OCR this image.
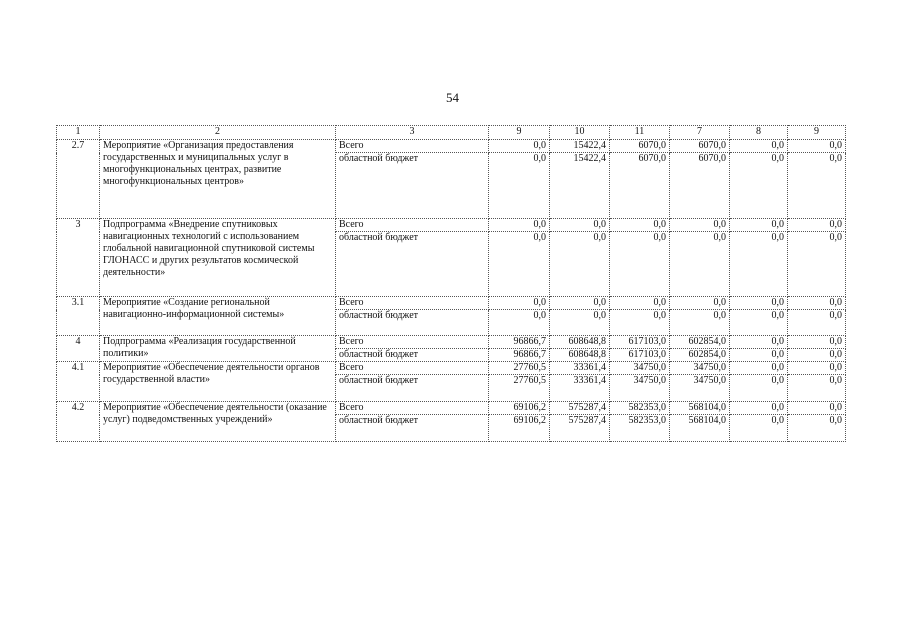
54
1	2	3	9	10	11	7	8	9
2.7	Мероприятие «Организация предоставления государственных и муниципальных услуг в многофункциональных центрах, развитие многофункциональных центров»	Всего	0,0	15422,4	6070,0	6070,0	0,0	0,0
		областной бюджет	0,0	15422,4	6070,0	6070,0	0,0	0,0
3	Подпрограмма «Внедрение спутниковых навигационных технологий с использованием глобальной навигационной спутниковой системы ГЛОНАСС и других результатов космической деятельности»	Всего	0,0	0,0	0,0	0,0	0,0	0,0
		областной бюджет	0,0	0,0	0,0	0,0	0,0	0,0
3.1	Мероприятие «Создание региональной навигационно-информационной системы»	Всего	0,0	0,0	0,0	0,0	0,0	0,0
		областной бюджет	0,0	0,0	0,0	0,0	0,0	0,0
4	Подпрограмма «Реализация государственной политики»	Всего	96866,7	608648,8	617103,0	602854,0	0,0	0,0
		областной бюджет	96866,7	608648,8	617103,0	602854,0	0,0	0,0
4.1	Мероприятие «Обеспечение деятельности органов государственной власти»	Всего	27760,5	33361,4	34750,0	34750,0	0,0	0,0
		областной бюджет	27760,5	33361,4	34750,0	34750,0	0,0	0,0
4.2	Мероприятие «Обеспечение деятельности (оказание услуг) подведомственных учреждений»	Всего	69106,2	575287,4	582353,0	568104,0	0,0	0,0
		областной бюджет	69106,2	575287,4	582353,0	568104,0	0,0	0,0
